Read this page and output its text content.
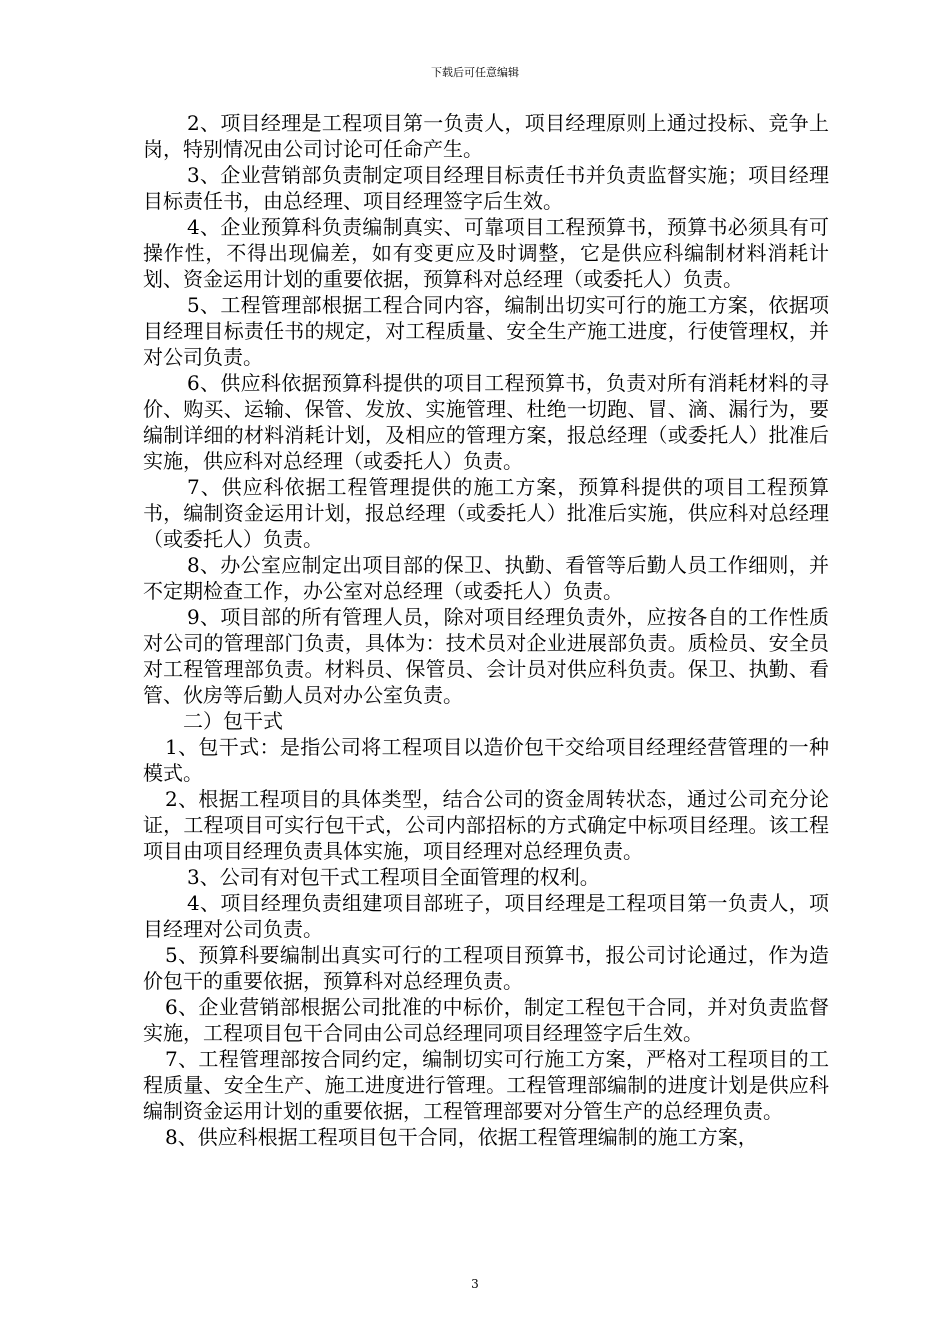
下载后可任意编辑

2、项目经理是工程项目第一负责人，项目经理原则上通过投标、竞争上岗，特别情况由公司讨论可任命产生。

3、企业营销部负责制定项目经理目标责任书并负责监督实施；项目经理目标责任书，由总经理、项目经理签字后生效。

4、企业预算科负责编制真实、可靠项目工程预算书，预算书必须具有可操作性，不得出现偏差，如有变更应及时调整，它是供应科编制材料消耗计划、资金运用计划的重要依据，预算科对总经理（或委托人）负责。

5、工程管理部根据工程合同内容，编制出切实可行的施工方案，依据项目经理目标责任书的规定，对工程质量、安全生产施工进度，行使管理权，并对公司负责。

6、供应科依据预算科提供的项目工程预算书，负责对所有消耗材料的寻价、购买、运输、保管、发放、实施管理、杜绝一切跑、冒、滴、漏行为，要编制详细的材料消耗计划，及相应的管理方案，报总经理（或委托人）批准后实施，供应科对总经理（或委托人）负责。

7、供应科依据工程管理提供的施工方案，预算科提供的项目工程预算书，编制资金运用计划，报总经理（或委托人）批准后实施，供应科对总经理（或委托人）负责。

8、办公室应制定出项目部的保卫、执勤、看管等后勤人员工作细则，并不定期检查工作，办公室对总经理（或委托人）负责。

9、项目部的所有管理人员，除对项目经理负责外，应按各自的工作性质对公司的管理部门负责，具体为：技术员对企业进展部负责。质检员、安全员对工程管理部负责。材料员、保管员、会计员对供应科负责。保卫、执勤、看管、伙房等后勤人员对办公室负责。

二）包干式

1、包干式：是指公司将工程项目以造价包干交给项目经理经营管理的一种模式。

2、根据工程项目的具体类型，结合公司的资金周转状态，通过公司充分论证，工程项目可实行包干式，公司内部招标的方式确定中标项目经理。该工程项目由项目经理负责具体实施，项目经理对总经理负责。

3、公司有对包干式工程项目全面管理的权利。

4、项目经理负责组建项目部班子，项目经理是工程项目第一负责人，项目经理对公司负责。

5、预算科要编制出真实可行的工程项目预算书，报公司讨论通过，作为造价包干的重要依据，预算科对总经理负责。

6、企业营销部根据公司批准的中标价，制定工程包干合同，并对负责监督实施，工程项目包干合同由公司总经理同项目经理签字后生效。

7、工程管理部按合同约定，编制切实可行施工方案，严格对工程项目的工程质量、安全生产、施工进度进行管理。工程管理部编制的进度计划是供应科编制资金运用计划的重要依据，工程管理部要对分管生产的总经理负责。

8、供应科根据工程项目包干合同，依据工程管理编制的施工方案，

3
